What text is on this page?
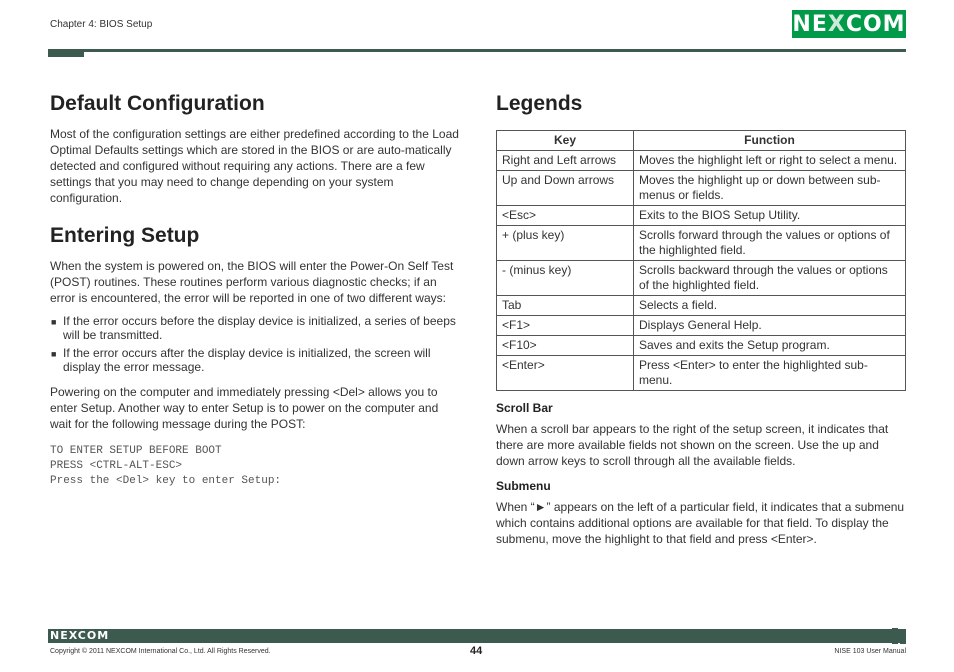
Chapter 4: BIOS Setup	NE X COM
Default Configuration

Most of the configuration settings are either predefined according to the Load Optimal Defaults settings which are stored in the BIOS or are auto-matically detected and configured without requiring any actions. There are a few settings that you may need to change depending on your system configuration.

Entering Setup

When the system is powered on, the BIOS will enter the Power-On Self Test (POST) routines. These routines perform various diagnostic checks; if an error is encountered, the error will be reported in one of two different ways:

■ If the error occurs before the display device is initialized, a series of beeps will be transmitted.
■ If the error occurs after the display device is initialized, the screen will display the error message.

Powering on the computer and immediately pressing <Del> allows you to enter Setup. Another way to enter Setup is to power on the computer and wait for the following message during the POST:

TO ENTER SETUP BEFORE BOOT
PRESS <CTRL-ALT-ESC>
Press the <Del> key to enter Setup:
Legends
Key	Function
Right and Left arrows	Moves the highlight left or right to select a menu.
Up and Down arrows	Moves the highlight up or down between sub-menus or fields.
<Esc>	Exits to the BIOS Setup Utility.
+ (plus key)	Scrolls forward through the values or options of the highlighted field.
- (minus key)	Scrolls backward through the values or options of the highlighted field.
Tab	Selects a field.
<F1>	Displays General Help.
<F10>	Saves and exits the Setup program.
<Enter>	Press <Enter> to enter the highlighted sub-menu.
Scroll Bar

When a scroll bar appears to the right of the setup screen, it indicates that there are more available fields not shown on the screen. Use the up and down arrow keys to scroll through all the available fields.

Submenu

When “►” appears on the left of a particular field, it indicates that a submenu which contains additional options are available for that field. To display the submenu, move the highlight to that field and press <Enter>.

NEXCOM
Copyright © 2011 NEXCOM International Co., Ltd. All Rights Reserved.	44	NISE 103 User Manual
